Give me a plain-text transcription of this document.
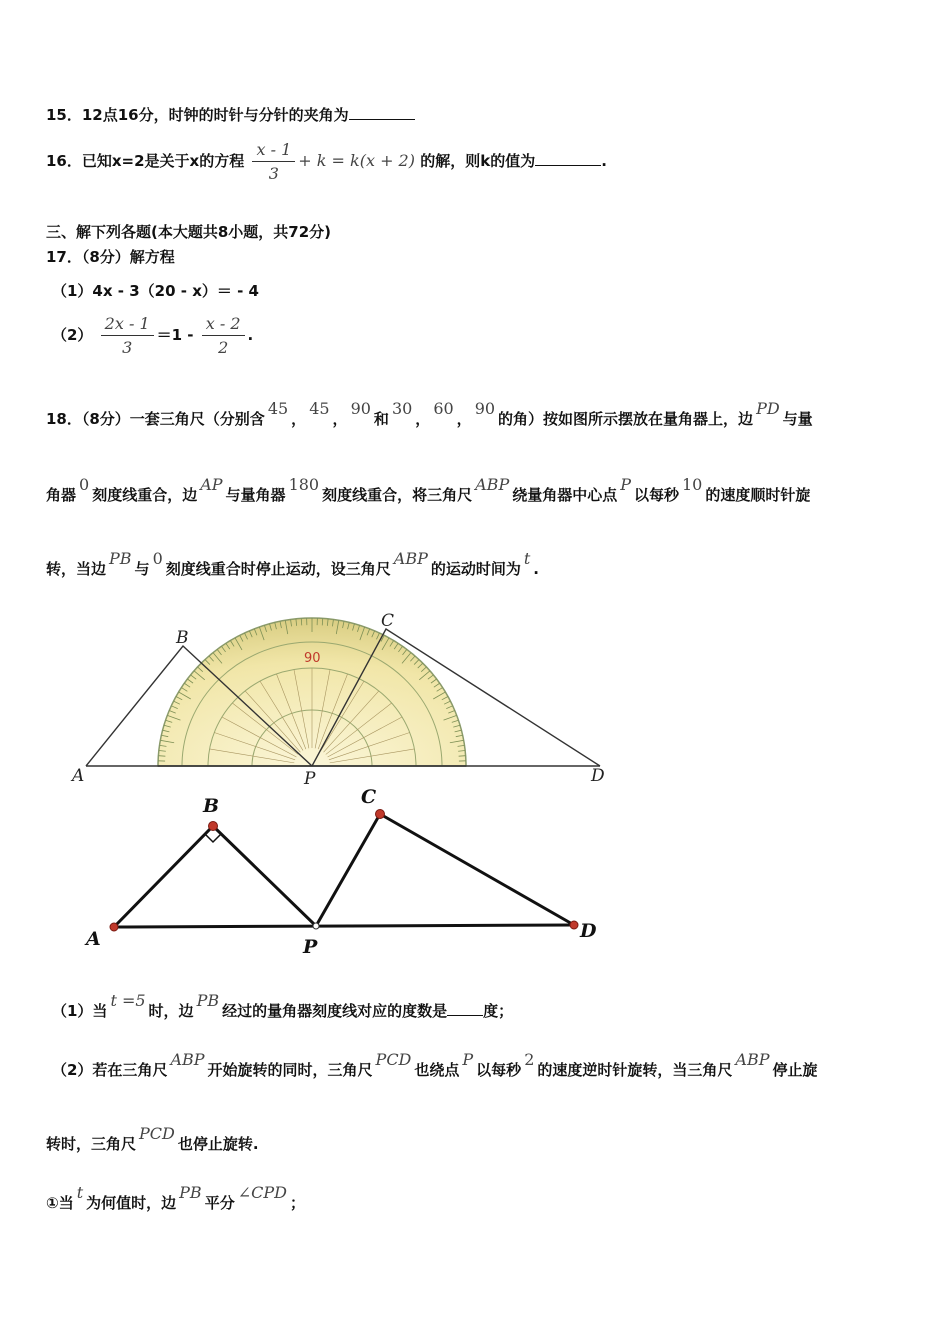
15．12点16分，时钟的时针与分针的夹角为
16．已知x=2是关于x的方程 $\frac{x - 1}{3} + k = k(x + 2)$ 的解，则k的值为	.
三、解下列各题(本大题共8小题，共72分)
17．（8分）解方程
（1）4x - 3（20 - x）＝ - 4
$(2) \frac{2x - 1}{3} =1 - \frac{x - 2}{2}$ .
18．（8分）一套三角尺（分别含45，45，90和30，60，90的角）按如图所示摆放在量角器上，边PD与量
角器0刻度线重合，边AP与量角器180刻度线重合，将三角尺ABP绕量角器中心点P以每秒10的速度顺时针旋
转，当边PB与0刻度线重合时停止运动，设三角尺ABP的运动时间为t.
90
A
B
P
C
D
A
B
P
C
D
（1）当t =5时，边PB经过的量角器刻度线对应的度数是 度；
（2）若在三角尺ABP开始旋转的同时，三角尺PCD也绕点P以每秒2的速度逆时针旋转，当三角尺ABP停止旋
转时，三角尺PCD也停止旋转.
①当t为何值时，边PB平分∠CPD；
